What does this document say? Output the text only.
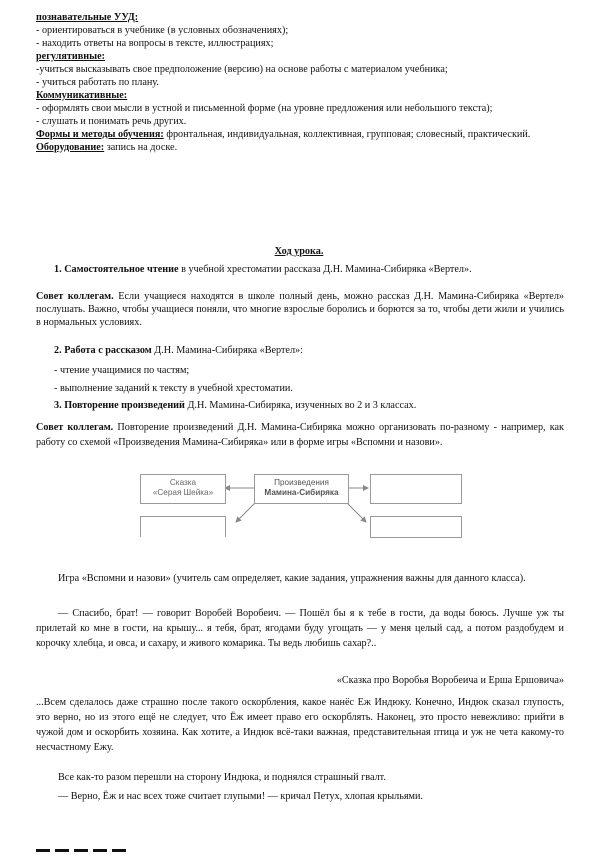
познавательные УУД:
- ориентироваться в учебнике (в условных обозначениях);
- находить ответы на вопросы в тексте, иллюстрациях;
регулятивные:
-учиться высказывать свое предположение (версию) на основе работы с материалом учебника;
- учиться работать по плану.
Коммуникативные:
- оформлять свои мысли в устной и письменной форме (на уровне предложения или небольшого текста);
- слушать и понимать речь других.
Формы и методы обучения: фронтальная, индивидуальная, коллективная, групповая; словесный, практический.
Оборудование: запись на доске.
Ход урока.
1. Самостоятельное чтение в учебной хрестоматии рассказа Д.Н. Мамина-Сибиряка «Вертел».
Совет коллегам. Если учащиеся находятся в школе полный день, можно рассказ Д.Н. Мамина-Сибиряка «Вертел» послушать. Важно, чтобы учащиеся поняли, что многие взрослые боролись и борются за то, чтобы дети жили и учились в нормальных условиях.
2. Работа с рассказом Д.Н. Мамина-Сибиряка «Вертел»:
- чтение учащимися по частям;
- выполнение заданий к тексту в учебной хрестоматии.
3. Повторение произведений Д.Н. Мамина-Сибиряка, изученных во 2 и 3 классах.
Совет коллегам. Повторение произведений Д.Н. Мамина-Сибиряка можно организовать по-разному - например, как работу со схемой «Произведения Мамина-Сибиряка» или в форме игры «Вспомни и назови».
Сказка
«Серая Шейка»
Произведения
Мамина-Сибиряка
Игра «Вспомни и назови» (учитель сам определяет, какие задания, упражнения важны для данного класса).
— Спасибо, брат! — говорит Воробей Воробеич. — Пошёл бы я к тебе в гости, да воды боюсь. Лучше уж ты прилетай ко мне в гости, на крышу... я тебя, брат, ягодами буду угощать — у меня целый сад, а потом раздобудем и корочку хлебца, и овса, и сахару, и живого комарика. Ты ведь любишь сахар?..
«Сказка про Воробья Воробеича и Ерша Ершовича»
...Всем сделалось даже страшно после такого оскорбления, какое нанёс Еж Индюку. Конечно, Индюк сказал глупость, это верно, но из этого ещё не следует, что Ёж имеет право его оскорблять. Наконец, это просто невежливо: прийти в чужой дом и оскорбить хозяина. Как хотите, а Индюк всё-таки важная, представительная птица и уж не чета какому-то несчастному Ежу.
Все как-то разом перешли на сторону Индюка, и поднялся страшный гвалт.
— Верно, Ёж и нас всех тоже считает глупыми! — кричал Петух, хлопая крыльями.
